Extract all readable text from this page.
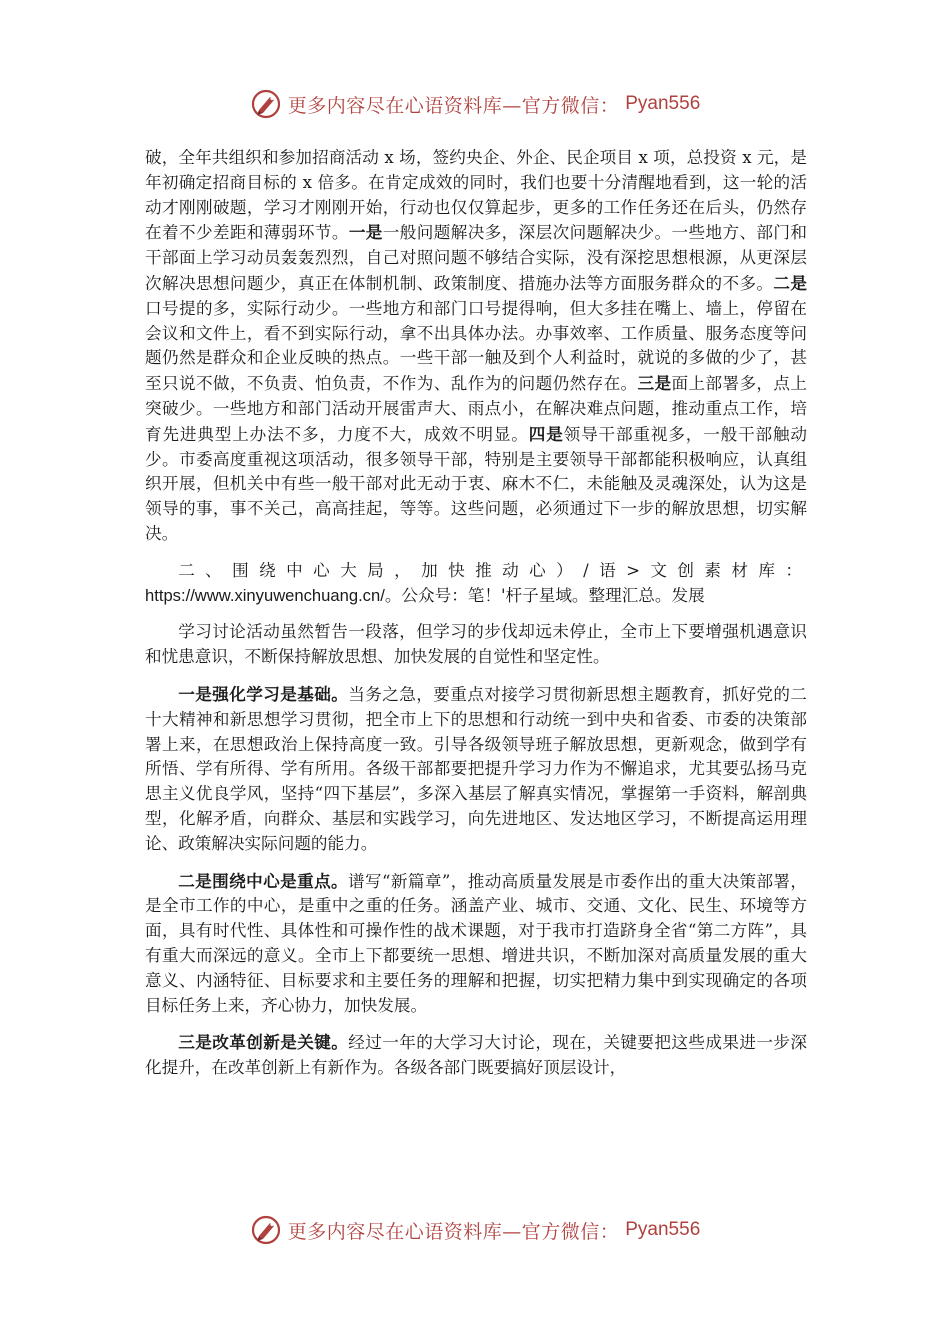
更多内容尽在心语资料库—官方微信： Pyan556

破，全年共组织和参加招商活动 x 场，签约央企、外企、民企项目 x 项，总投资 x 元，是年初确定招商目标的 x 倍多。在肯定成效的同时，我们也要十分清醒地看到，这一轮的活动才刚刚破题，学习才刚刚开始，行动也仅仅算起步，更多的工作任务还在后头，仍然存在着不少差距和薄弱环节。一是一般问题解决多，深层次问题解决少。一些地方、部门和干部面上学习动员轰轰烈烈，自己对照问题不够结合实际，没有深挖思想根源，从更深层次解决思想问题少，真正在体制机制、政策制度、措施办法等方面服务群众的不多。二是口号提的多，实际行动少。一些地方和部门口号提得响，但大多挂在嘴上、墙上，停留在会议和文件上，看不到实际行动，拿不出具体办法。办事效率、工作质量、服务态度等问题仍然是群众和企业反映的热点。一些干部一触及到个人利益时，就说的多做的少了，甚至只说不做，不负责、怕负责，不作为、乱作为的问题仍然存在。三是面上部署多，点上突破少。一些地方和部门活动开展雷声大、雨点小，在解决难点问题，推动重点工作，培育先进典型上办法不多，力度不大，成效不明显。四是领导干部重视多，一般干部触动少。市委高度重视这项活动，很多领导干部，特别是主要领导干部都能积极响应，认真组织开展，但机关中有些一般干部对此无动于衷、麻木不仁，未能触及灵魂深处，认为这是领导的事，事不关己，高高挂起，等等。这些问题，必须通过下一步的解放思想，切实解决。

二、围绕中心大局，加快推动心）/语>文创素材库：https://www.xinyuwenchuang.cn/。公众号：笔！'杆子星域。整理汇总。发展

学习讨论活动虽然暂告一段落，但学习的步伐却远未停止，全市上下要增强机遇意识和忧患意识，不断保持解放思想、加快发展的自觉性和坚定性。

一是强化学习是基础。当务之急，要重点对接学习贯彻新思想主题教育，抓好党的二十大精神和新思想学习贯彻，把全市上下的思想和行动统一到中央和省委、市委的决策部署上来，在思想政治上保持高度一致。引导各级领导班子解放思想，更新观念，做到学有所悟、学有所得、学有所用。各级干部都要把提升学习力作为不懈追求，尤其要弘扬马克思主义优良学风，坚持“四下基层”，多深入基层了解真实情况，掌握第一手资料，解剖典型，化解矛盾，向群众、基层和实践学习，向先进地区、发达地区学习，不断提高运用理论、政策解决实际问题的能力。

二是围绕中心是重点。谱写“新篇章”，推动高质量发展是市委作出的重大决策部署，是全市工作的中心，是重中之重的任务。涵盖产业、城市、交通、文化、民生、环境等方面，具有时代性、具体性和可操作性的战术课题，对于我市打造跻身全省“第二方阵”，具有重大而深远的意义。全市上下都要统一思想、增进共识，不断加深对高质量发展的重大意义、内涵特征、目标要求和主要任务的理解和把握，切实把精力集中到实现确定的各项目标任务上来，齐心协力，加快发展。

三是改革创新是关键。经过一年的大学习大讨论，现在，关键要把这些成果进一步深化提升，在改革创新上有新作为。各级各部门既要搞好顶层设计，

更多内容尽在心语资料库—官方微信： Pyan556
